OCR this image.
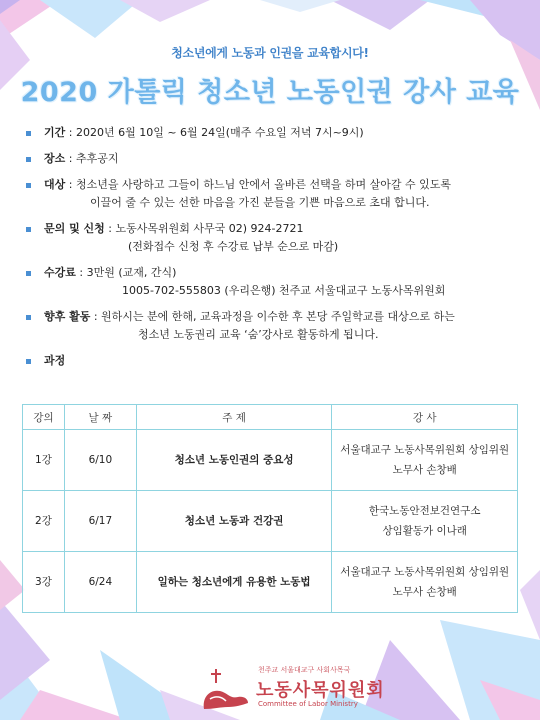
청소년에게 노동과 인권을 교육합시다!
2020 가톨릭 청소년 노동인권 강사 교육
기간 : 2020년 6월 10일 ~ 6월 24일(매주 수요일 저녁 7시~9시)
장소 : 추후공지
대상 : 청소년을 사랑하고 그들이 하느님 안에서 올바른 선택을 하며 살아갈 수 있도록
이끌어 줄 수 있는 선한 마음을 가진 분들을 기쁜 마음으로 초대 합니다.
문의 및 신청 : 노동사목위원회 사무국 02) 924-2721
(전화접수 신청 후 수강료 납부 순으로 마감)
수강료 : 3만원 (교재, 간식)
1005-702-555803 (우리은행) 천주교 서울대교구 노동사목위원회
향후 활동 : 원하시는 분에 한해, 교육과정을 이수한 후 본당 주일학교를 대상으로 하는
청소년 노동권리 교육 ‘숨’강사로 활동하게 됩니다.
과정
강의	날 짜	주 제	강 사
1강	6/10	청소년 노동인권의 중요성	서울대교구 노동사목위원회 상임위원
노무사 손창배

2강	6/17	청소년 노동과 건강권	한국노동안전보건연구소
상임활동가 이나래

3강	6/24	일하는 청소년에게 유용한 노동법	서울대교구 노동사목위원회 상임위원
노무사 손창배
천주교 서울대교구 사회사목국
노동사목위원회
Committee of Labor Ministry
